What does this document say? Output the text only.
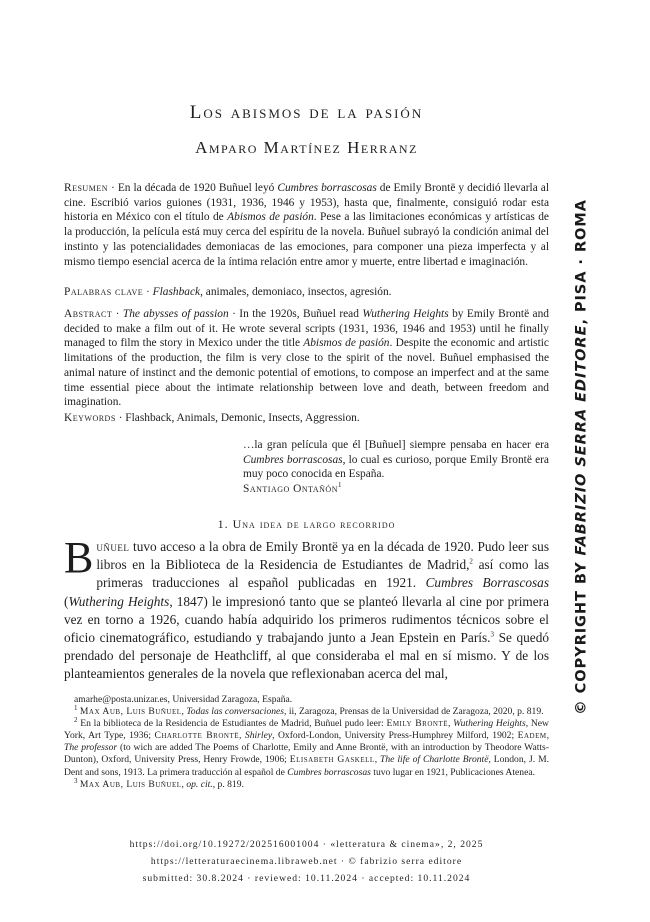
Los abismos de la pasión
Amparo Martínez Herranz
Resumen · En la década de 1920 Buñuel leyó Cumbres borrascosas de Emily Brontë y decidió llevarla al cine. Escribió varios guiones (1931, 1936, 1946 y 1953), hasta que, finalmente, consiguió rodar esta historia en México con el título de Abismos de pasión. Pese a las limitaciones económicas y artísticas de la producción, la película está muy cerca del espíritu de la novela. Buñuel subrayó la condición animal del instinto y las potencialidades demoniacas de las emociones, para componer una pieza imperfecta y al mismo tiempo esencial acerca de la íntima relación entre amor y muerte, entre libertad e imaginación.
Palabras clave · Flashback, animales, demoniaco, insectos, agresión.
Abstract · The abysses of passion · In the 1920s, Buñuel read Wuthering Heights by Emily Brontë and decided to make a film out of it. He wrote several scripts (1931, 1936, 1946 and 1953) until he finally managed to film the story in Mexico under the title Abismos de pasión. Despite the economic and artistic limitations of the production, the film is very close to the spirit of the novel. Buñuel emphasised the animal nature of instinct and the demonic potential of emotions, to compose an imperfect and at the same time essential piece about the intimate relationship between love and death, between freedom and imagination.
Keywords · Flashback, Animals, Demonic, Insects, Aggression.

…la gran película que él [Buñuel] siempre pensaba en hacer era Cumbres borrascosas, lo cual es curioso, porque Emily Brontë era muy poco conocida en España.

Santiago Ontañón$^1$

1. Una idea de largo recorrido
Buñuel tuvo acceso a la obra de Emily Brontë ya en la década de 1920. Pudo leer sus libros en la Biblioteca de la Residencia de Estudiantes de Madrid,$^2$ así como las primeras traducciones al español publicadas en 1921. Cumbres Borrascosas (Wuthering Heights, 1847) le impresionó tanto que se planteó llevarla al cine por primera vez en torno a 1926, cuando había adquirido los primeros rudimentos técnicos sobre el oficio cinematográfico, estudiando y trabajando junto a Jean Epstein en París.$^3$ Se quedó prendado del personaje de Heathcliff, al que consideraba el mal en sí mismo. Y de los planteamientos generales de la novela que reflexionaban acerca del mal,

amarhe@posta.unizar.es, Universidad Zaragoza, España.

$^1$ Max Aub, Luis Buñuel, Todas las conversaciones, ii, Zaragoza, Prensas de la Universidad de Zaragoza, 2020, p. 819.

$^2$ En la biblioteca de la Residencia de Estudiantes de Madrid, Buñuel pudo leer: Emily Brontë, Wuthering Heights, New York, Art Type, 1936; Charlotte Brontë, Shirley, Oxford-London, University Press-Humphrey Milford, 1902; Eadem, The professor (to wich are added The Poems of Charlotte, Emily and Anne Brontë, with an introduction by Theodore Watts-Dunton), Oxford, University Press, Henry Frowde, 1906; Elisabeth Gaskell, The life of Charlotte Brontë, London, J. M. Dent and sons, 1913. La primera traducción al español de Cumbres borrascosas tuvo lugar en 1921, Publicaciones Atenea.

$^3$ Max Aub, Luis Buñuel, op. cit., p. 819.

https://doi.org/10.19272/202516001004 · «letteratura & cinema», 2, 2025
https://letteraturaecinema.libraweb.net · © fabrizio serra editore
submitted: 30.8.2024 · reviewed: 10.11.2024 · accepted: 10.11.2024
© COPYRIGHT BY FABRIZIO SERRA EDITORE, PISA · ROMA
